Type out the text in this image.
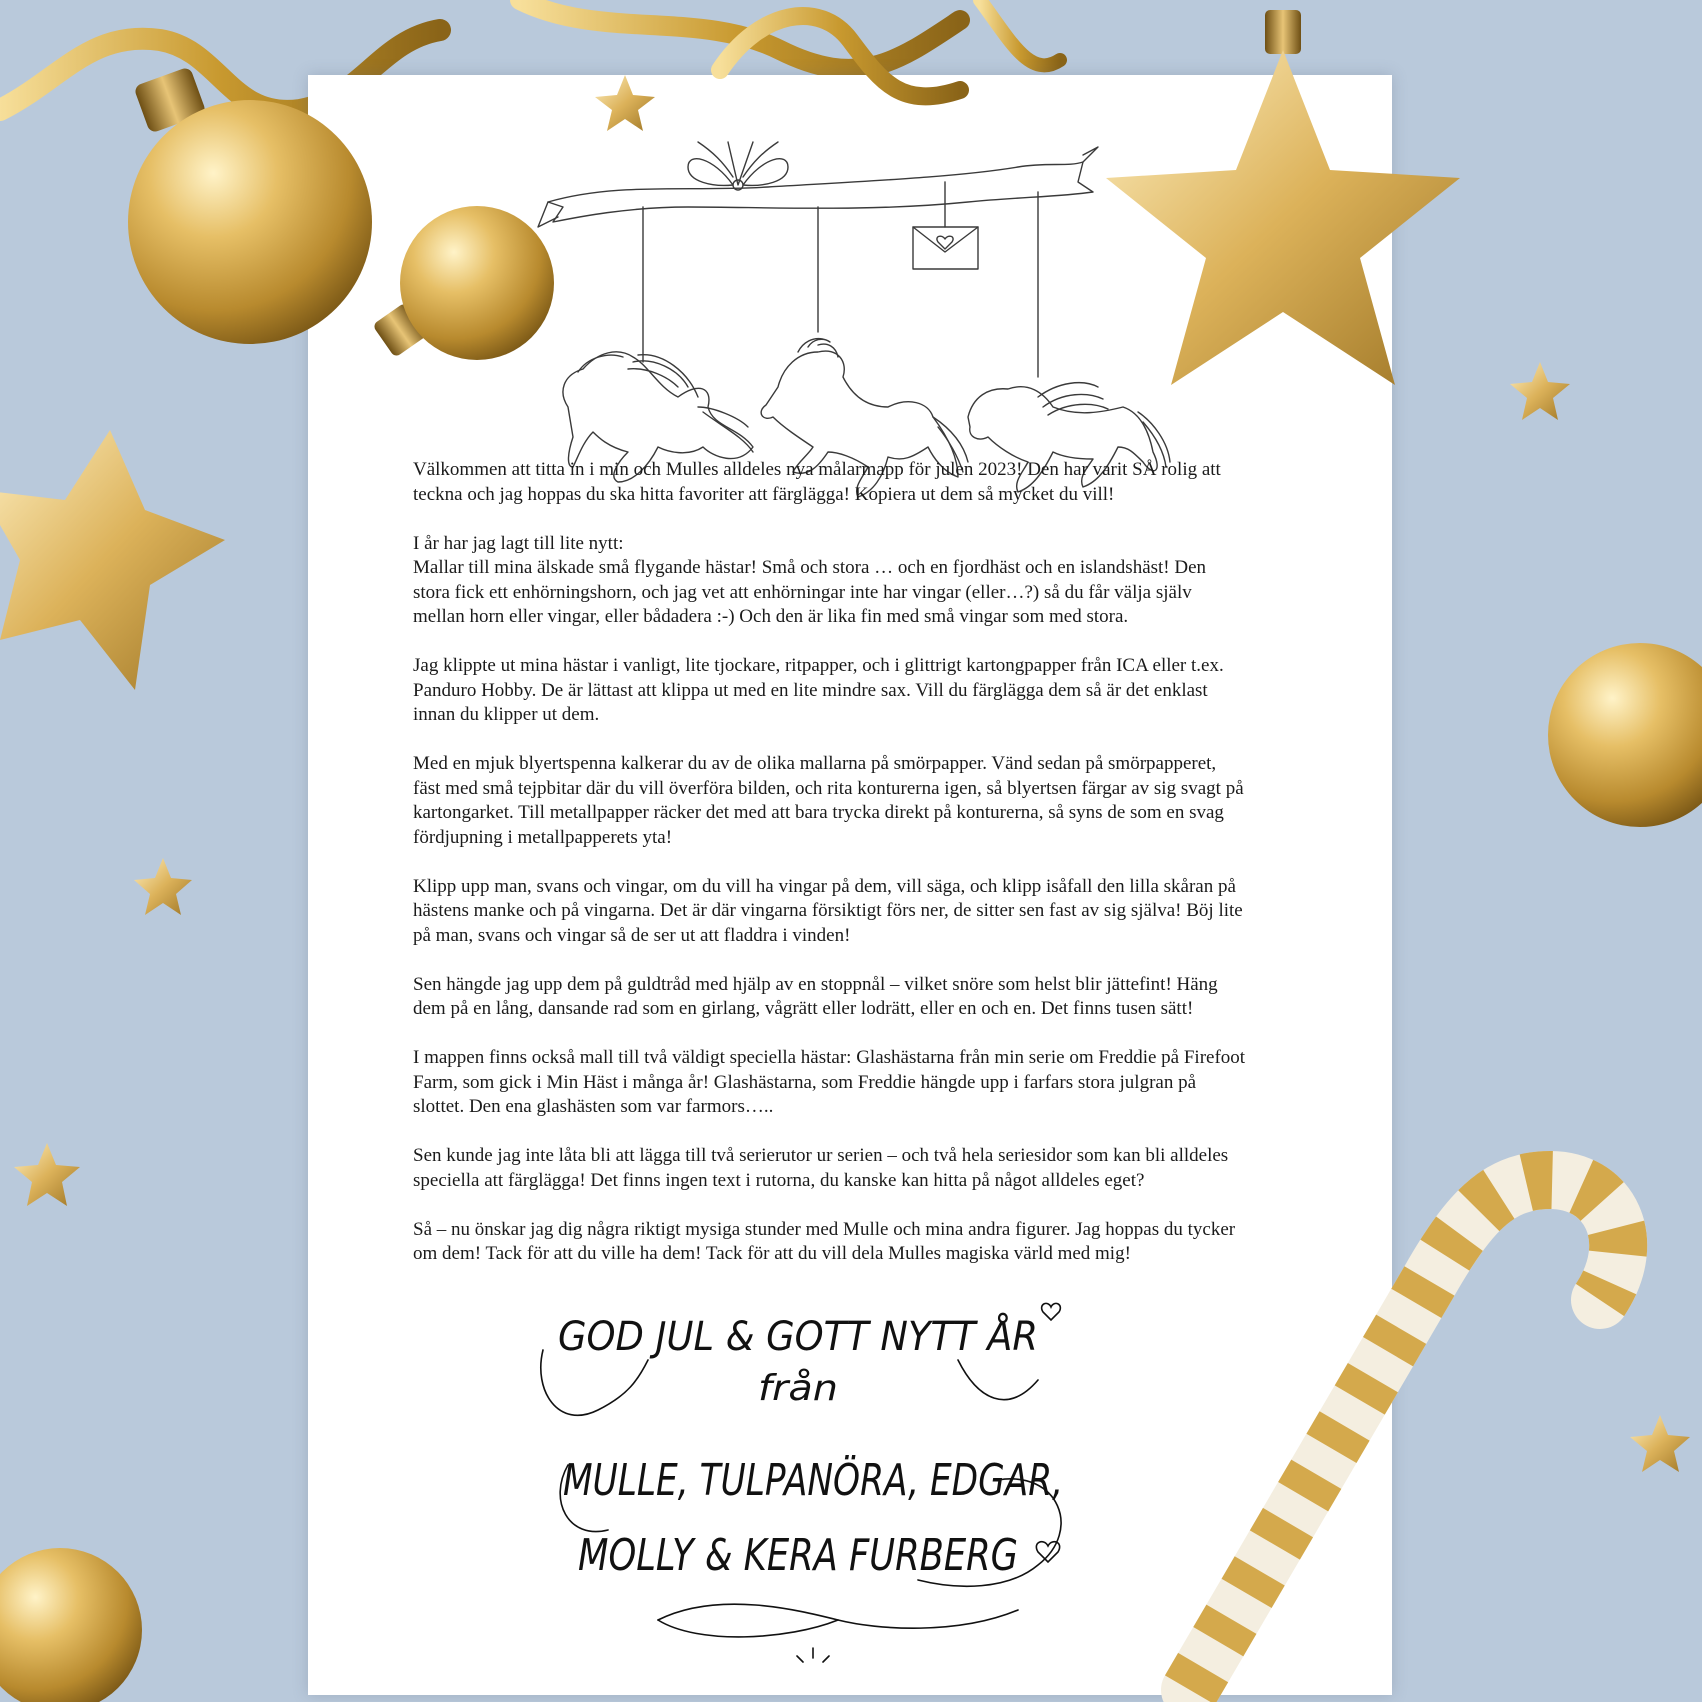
Välkommen att titta in i min och Mulles alldeles nya målarmapp för julen 2023! Den har varit SÅ rolig att
teckna och jag hoppas du ska hitta favoriter att färglägga! Kopiera ut dem så mycket du vill!

I år har jag lagt till lite nytt:
Mallar till mina älskade små flygande hästar! Små och stora … och en fjordhäst och en islandshäst! Den
stora fick ett enhörningshorn, och jag vet att enhörningar inte har vingar (eller…?) så du får välja själv
mellan horn eller vingar, eller bådadera :-) Och den är lika fin med små vingar som med stora.

Jag klippte ut mina hästar i vanligt, lite tjockare, ritpapper, och i glittrigt kartongpapper från ICA eller t.ex.
Panduro Hobby. De är lättast att klippa ut med en lite mindre sax. Vill du färglägga dem så är det enklast
innan du klipper ut dem.

Med en mjuk blyertspenna kalkerar du av de olika mallarna på smörpapper. Vänd sedan på smörpapperet,
fäst med små tejpbitar där du vill överföra bilden, och rita konturerna igen, så blyertsen färgar av sig svagt på
kartongarket. Till metallpapper räcker det med att bara trycka direkt på konturerna, så syns de som en svag
fördjupning i metallpapperets yta!

Klipp upp man, svans och vingar, om du vill ha vingar på dem, vill säga, och klipp isåfall den lilla skåran på
hästens manke och på vingarna. Det är där vingarna försiktigt förs ner, de sitter sen fast av sig själva! Böj lite
på man, svans och vingar så de ser ut att fladdra i vinden!

Sen hängde jag upp dem på guldtråd med hjälp av en stoppnål – vilket snöre som helst blir jättefint! Häng
dem på en lång, dansande rad som en girlang, vågrätt eller lodrätt, eller en och en. Det finns tusen sätt!

I mappen finns också mall till två väldigt speciella hästar: Glashästarna från min serie om Freddie på Firefoot
Farm, som gick i Min Häst i många år! Glashästarna, som Freddie hängde upp i farfars stora julgran på
slottet. Den ena glashästen som var farmors…..

Sen kunde jag inte låta bli att lägga till två serierutor ur serien – och två hela seriesidor som kan bli alldeles
speciella att färglägga! Det finns ingen text i rutorna, du kanske kan hitta på något alldeles eget?

Så – nu önskar jag dig några riktigt mysiga stunder med Mulle och mina andra figurer. Jag hoppas du tycker
om dem! Tack för att du ville ha dem! Tack för att du vill dela Mulles magiska värld med mig!

GOD JUL & GOTT NYTT ÅR
från
MULLE, TULPANÖRA, EDGAR,
MOLLY & KERA FURBERG
